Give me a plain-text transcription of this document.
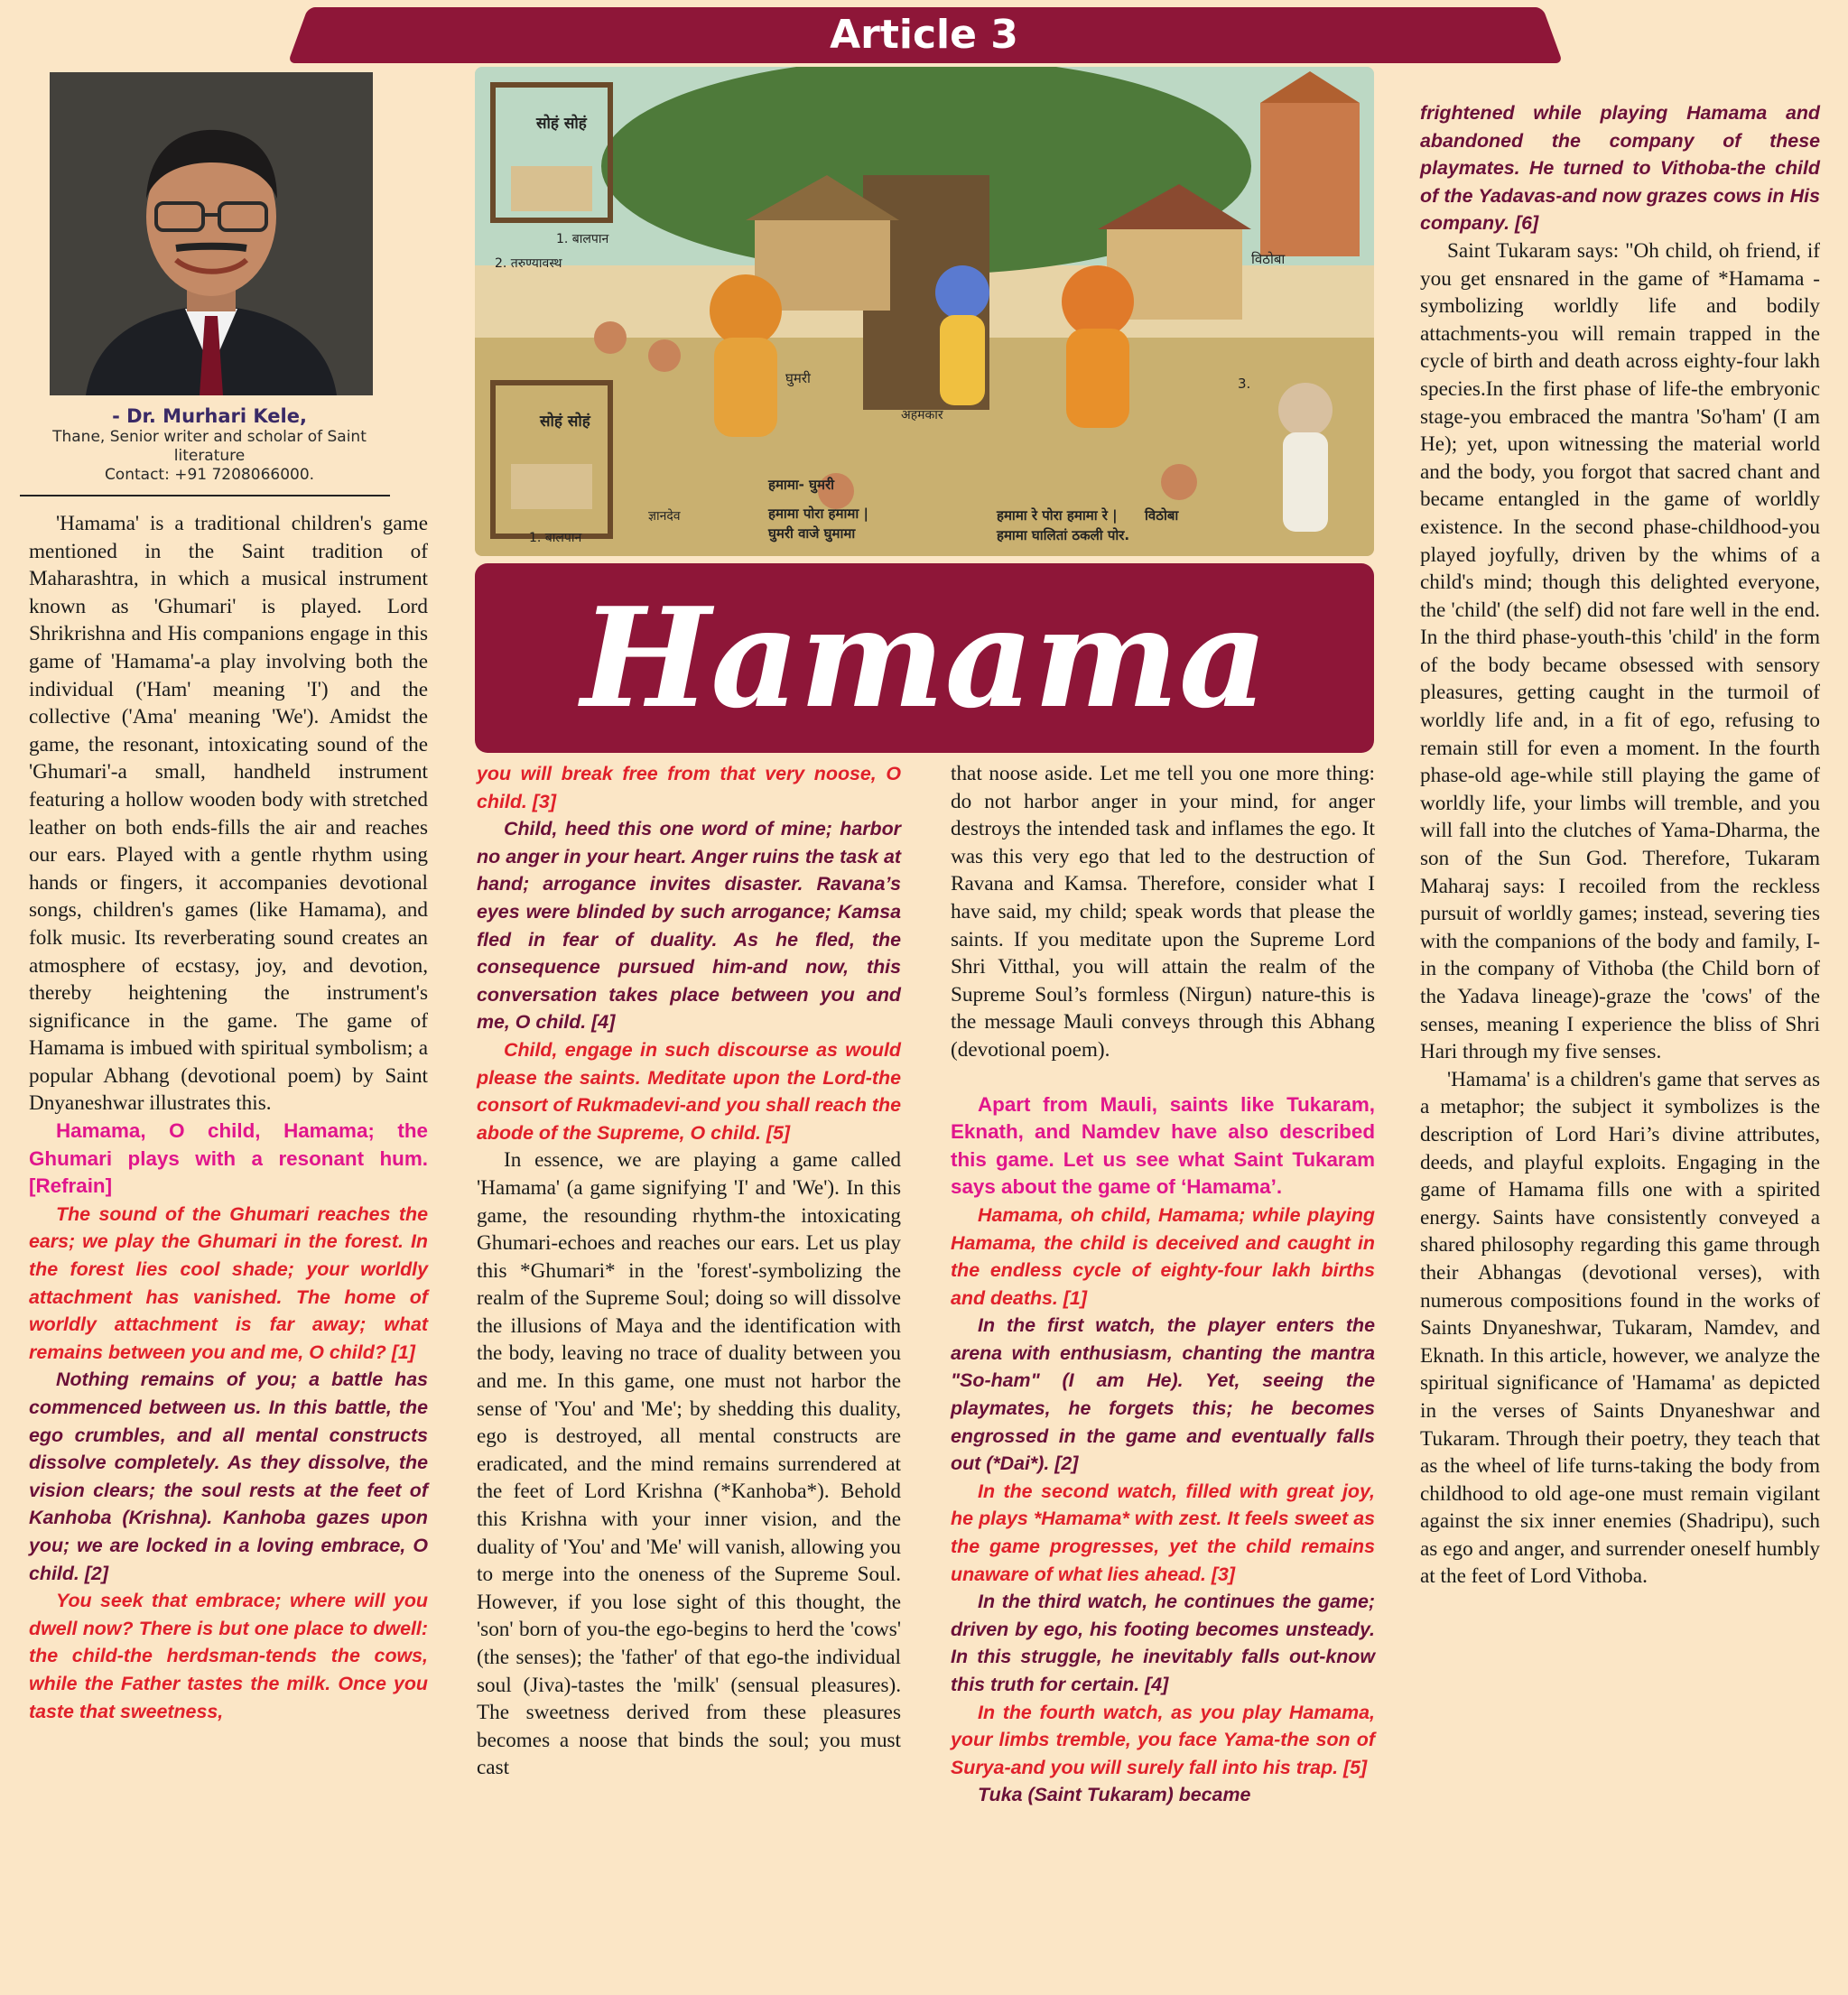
Article 3
- Dr. Murhari Kele,
Thane, Senior writer and scholar of Saint literature
Contact: +91 7208066000.
सोहं सोहं
1. बालपान
2. तरुण्यावस्थ
सोहं सोहं
1. बालपान
अहमकार
घुमरी
विठोबा
3.
ज्ञानदेव
हमामा- घुमरी
हमामा पोरा हमामा |
घुमरी वाजे घुमामा
हमामा रे पोरा हमामा रे |
हमामा घालितां ठकली पोर.
विठोबा
Hamama

'Hamama' is a traditional children's game mentioned in the Saint tradition of Maharashtra, in which a musical instrument known as 'Ghumari' is played. Lord Shrikrishna and His companions engage in this game of 'Hamama'-a play involving both the individual ('Ham' meaning 'I') and the collective ('Ama' meaning 'We'). Amidst the game, the resonant, intoxicating sound of the 'Ghumari'-a small, handheld instrument featuring a hollow wooden body with stretched leather on both ends-fills the air and reaches our ears. Played with a gentle rhythm using hands or fingers, it accompanies devotional songs, children's games (like Hamama), and folk music. Its reverberating sound creates an atmosphere of ecstasy, joy, and devotion, thereby heightening the instrument's significance in the game. The game of Hamama is imbued with spiritual symbolism; a popular Abhang (devotional poem) by Saint Dnyaneshwar illustrates this.

Hamama, O child, Hamama; the Ghumari plays with a resonant hum. [Refrain]

The sound of the Ghumari reaches the ears; we play the Ghumari in the forest. In the forest lies cool shade; your worldly attachment has vanished. The home of worldly attachment is far away; what remains between you and me, O child? [1]

Nothing remains of you; a battle has commenced between us. In this battle, the ego crumbles, and all mental constructs dissolve completely. As they dissolve, the vision clears; the soul rests at the feet of Kanhoba (Krishna). Kanhoba gazes upon you; we are locked in a loving embrace, O child. [2]

You seek that embrace; where will you dwell now? There is but one place to dwell: the child-the herdsman-tends the cows, while the Father tastes the milk. Once you taste that sweetness,

you will break free from that very noose, O child. [3]

Child, heed this one word of mine; harbor no anger in your heart. Anger ruins the task at hand; arrogance invites disaster. Ravana’s eyes were blinded by such arrogance; Kamsa fled in fear of duality. As he fled, the consequence pursued him-and now, this conversation takes place between you and me, O child. [4]

Child, engage in such discourse as would please the saints. Meditate upon the Lord-the consort of Rukmadevi-and you shall reach the abode of the Supreme, O child. [5]

In essence, we are playing a game called 'Hamama' (a game signifying 'I' and 'We'). In this game, the resounding rhythm-the intoxicating Ghumari-echoes and reaches our ears. Let us play this *Ghumari* in the 'forest'-symbolizing the realm of the Supreme Soul; doing so will dissolve the illusions of Maya and the identification with the body, leaving no trace of duality between you and me. In this game, one must not harbor the sense of 'You' and 'Me'; by shedding this duality, ego is destroyed, all mental constructs are eradicated, and the mind remains surrendered at the feet of Lord Krishna (*Kanhoba*). Behold this Krishna with your inner vision, and the duality of 'You' and 'Me' will vanish, allowing you to merge into the oneness of the Supreme Soul. However, if you lose sight of this thought, the 'son' born of you-the ego-begins to herd the 'cows' (the senses); the 'father' of that ego-the individual soul (Jiva)-tastes the 'milk' (sensual pleasures). The sweetness derived from these pleasures becomes a noose that binds the soul; you must cast

that noose aside. Let me tell you one more thing: do not harbor anger in your mind, for anger destroys the intended task and inflames the ego. It was this very ego that led to the destruction of Ravana and Kamsa. Therefore, consider what I have said, my child; speak words that please the saints. If you meditate upon the Supreme Lord Shri Vitthal, you will attain the realm of the Supreme Soul’s formless (Nirgun) nature-this is the message Mauli conveys through this Abhang (devotional poem).

Apart from Mauli, saints like Tukaram, Eknath, and Namdev have also described this game. Let us see what Saint Tukaram says about the game of ‘Hamama’.

Hamama, oh child, Hamama; while playing Hamama, the child is deceived and caught in the endless cycle of eighty-four lakh births and deaths. [1]

In the first watch, the player enters the arena with enthusiasm, chanting the mantra "So-ham" (I am He). Yet, seeing the playmates, he forgets this; he becomes engrossed in the game and eventually falls out (*Dai*). [2]

In the second watch, filled with great joy, he plays *Hamama* with zest. It feels sweet as the game progresses, yet the child remains unaware of what lies ahead. [3]

In the third watch, he continues the game; driven by ego, his footing becomes unsteady. In this struggle, he inevitably falls out-know this truth for certain. [4]

In the fourth watch, as you play Hamama, your limbs tremble, you face Yama-the son of Surya-and you will surely fall into his trap. [5]

Tuka (Saint Tukaram) became

frightened while playing Hamama and abandoned the company of these playmates. He turned to Vithoba-the child of the Yadavas-and now grazes cows in His company. [6]

Saint Tukaram says: "Oh child, oh friend, if you get ensnared in the game of *Hamama -symbolizing worldly life and bodily attachments-you will remain trapped in the cycle of birth and death across eighty-four lakh species.In the first phase of life-the embryonic stage-you embraced the mantra 'So'ham' (I am He); yet, upon witnessing the material world and the body, you forgot that sacred chant and became entangled in the game of worldly existence. In the second phase-childhood-you played joyfully, driven by the whims of a child's mind; though this delighted everyone, the 'child' (the self) did not fare well in the end. In the third phase-youth-this 'child' in the form of the body became obsessed with sensory pleasures, getting caught in the turmoil of worldly life and, in a fit of ego, refusing to remain still for even a moment. In the fourth phase-old age-while still playing the game of worldly life, your limbs will tremble, and you will fall into the clutches of Yama-Dharma, the son of the Sun God. Therefore, Tukaram Maharaj says: I recoiled from the reckless pursuit of worldly games; instead, severing ties with the companions of the body and family, I-in the company of Vithoba (the Child born of the Yadava lineage)-graze the 'cows' of the senses, meaning I experience the bliss of Shri Hari through my five senses.

'Hamama' is a children's game that serves as a metaphor; the subject it symbolizes is the description of Lord Hari’s divine attributes, deeds, and playful exploits. Engaging in the game of Hamama fills one with a spirited energy. Saints have consistently conveyed a shared philosophy regarding this game through their Abhangas (devotional verses), with numerous compositions found in the works of Saints Dnyaneshwar, Tukaram, Namdev, and Eknath. In this article, however, we analyze the spiritual significance of 'Hamama' as depicted in the verses of Saints Dnyaneshwar and Tukaram. Through their poetry, they teach that as the wheel of life turns-taking the body from childhood to old age-one must remain vigilant against the six inner enemies (Shadripu), such as ego and anger, and surrender oneself humbly at the feet of Lord Vithoba.
